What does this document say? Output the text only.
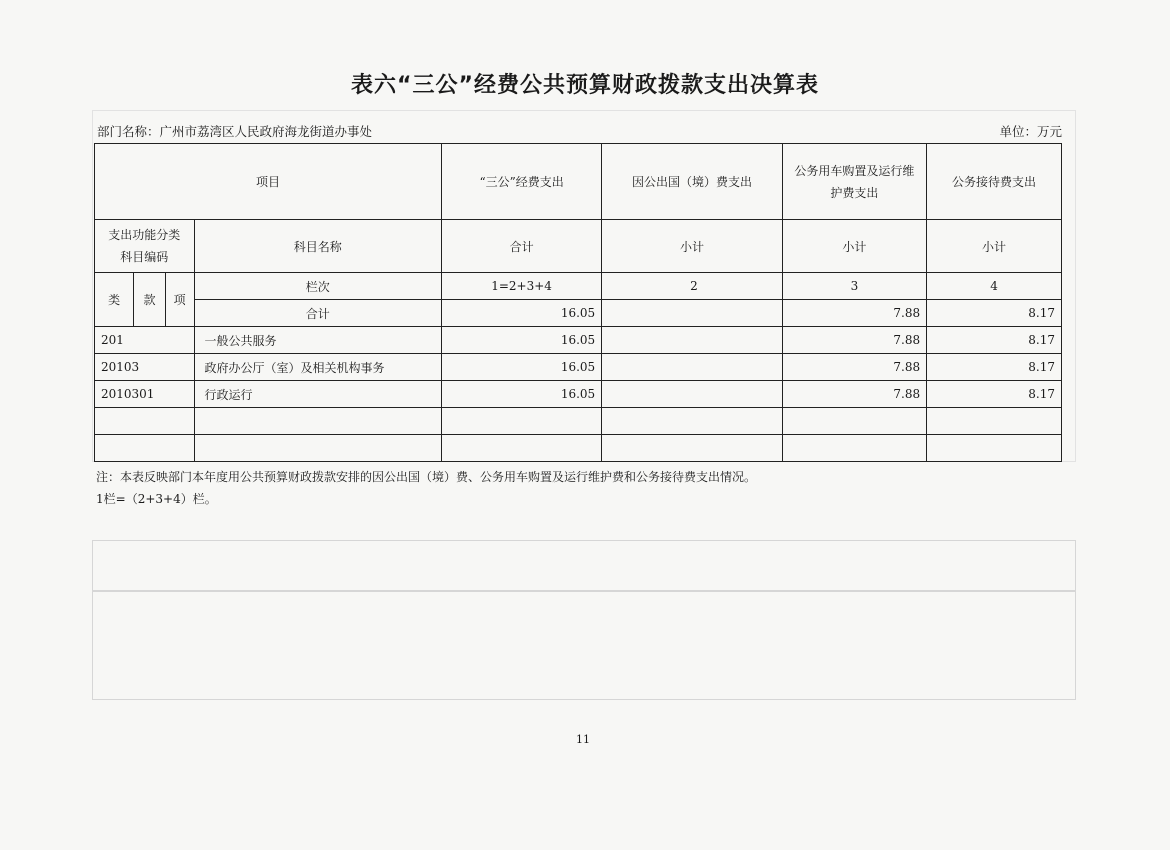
表六“三公”经费公共预算财政拨款支出决算表
部门名称：广州市荔湾区人民政府海龙街道办事处	单位：万元
项目				“三公”经费支出	因公出国（境）费支出	公务用车购置及运行维护费支出	公务接待费支出
支出功能分类
科目编码			科目名称	合计	小计	小计	小计
类	款	项	栏次	1=2+3+4	2	3	4
			合计	16.05		7.88	8.17
201			一般公共服务	16.05		7.88	8.17
20103			政府办公厅（室）及相关机构事务	16.05		7.88	8.17
2010301			行政运行	16.05		7.88	8.17

注：本表反映部门本年度用公共预算财政拨款安排的因公出国（境）费、公务用车购置及运行维护费和公务接待费支出情况。
1栏=（2+3+4）栏。
11
